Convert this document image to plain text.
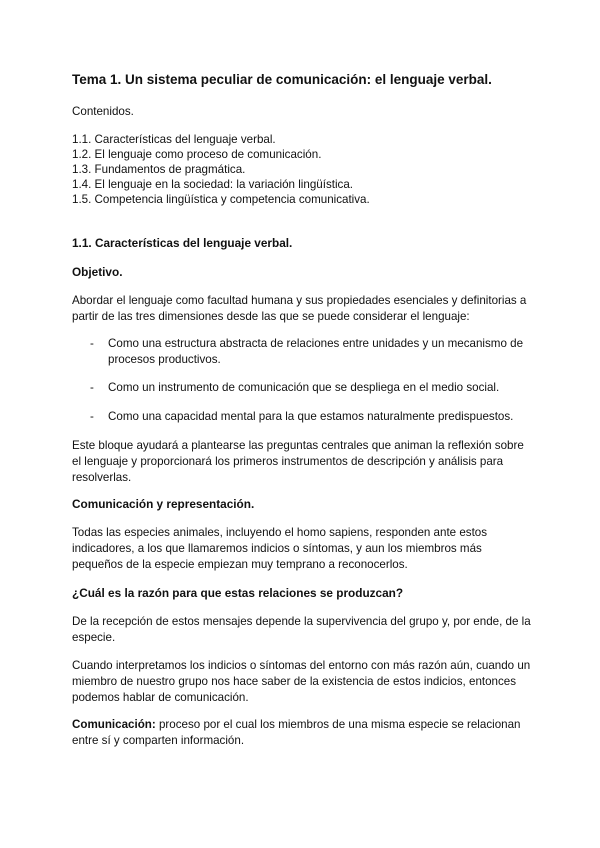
Tema 1. Un sistema peculiar de comunicación: el lenguaje verbal.
Contenidos.
1.1. Características del lenguaje verbal.
1.2. El lenguaje como proceso de comunicación.
1.3. Fundamentos de pragmática.
1.4. El lenguaje en la sociedad: la variación lingüística.
1.5. Competencia lingüística y competencia comunicativa.
1.1. Características del lenguaje verbal.
Objetivo.

Abordar el lenguaje como facultad humana y sus propiedades esenciales y definitorias a partir de las tres dimensiones desde las que se puede considerar el lenguaje:

- Como una estructura abstracta de relaciones entre unidades y un mecanismo de procesos productivos.
- Como un instrumento de comunicación que se despliega en el medio social.
- Como una capacidad mental para la que estamos naturalmente predispuestos.

Este bloque ayudará a plantearse las preguntas centrales que animan la reflexión sobre el lenguaje y proporcionará los primeros instrumentos de descripción y análisis para resolverlas.

Comunicación y representación.

Todas las especies animales, incluyendo el homo sapiens, responden ante estos indicadores, a los que llamaremos indicios o síntomas, y aun los miembros más pequeños de la especie empiezan muy temprano a reconocerlos.

¿Cuál es la razón para que estas relaciones se produzcan?

De la recepción de estos mensajes depende la supervivencia del grupo y, por ende, de la especie.

Cuando interpretamos los indicios o síntomas del entorno con más razón aún, cuando un miembro de nuestro grupo nos hace saber de la existencia de estos indicios, entonces podemos hablar de comunicación.

Comunicación: proceso por el cual los miembros de una misma especie se relacionan entre sí y comparten información.
